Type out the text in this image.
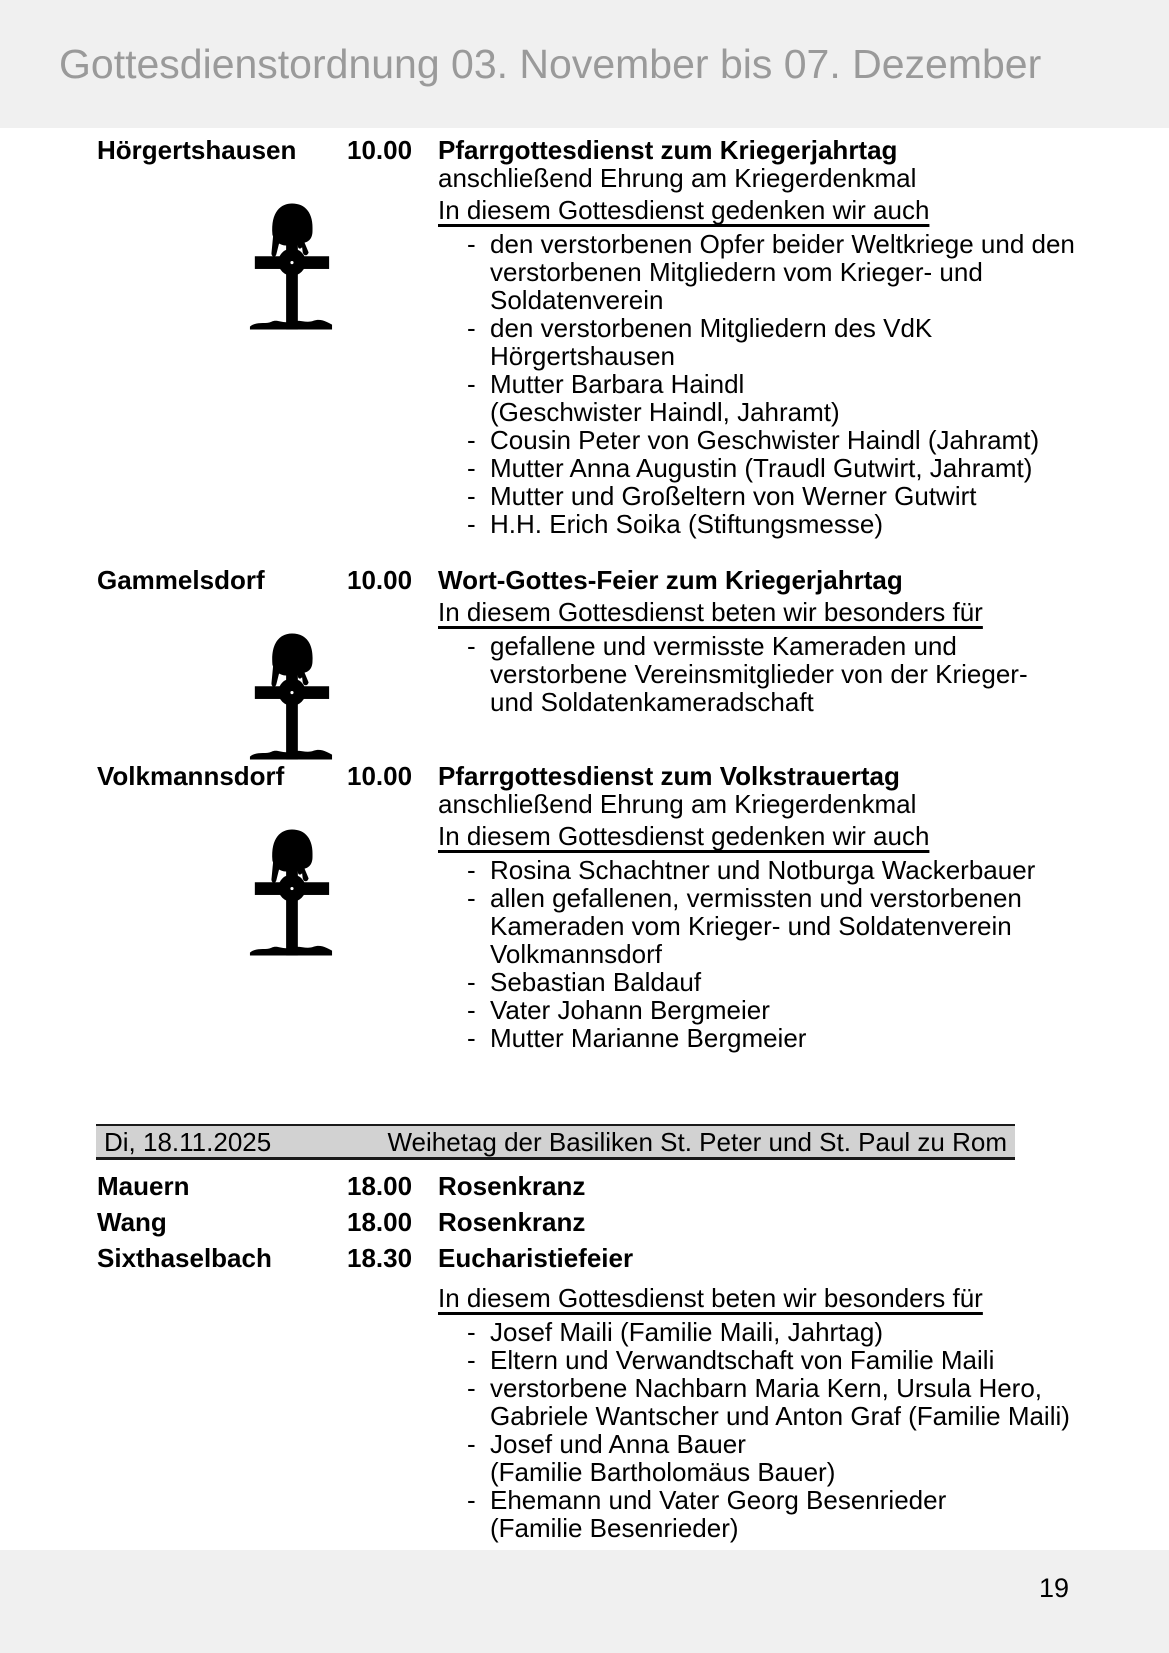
Gottesdienstordnung 03. November bis 07. Dezember
Hörgertshausen	10.00 Pfarrgottesdienst zum Kriegerjahrtag
anschließend Ehrung am Kriegerdenkmal
In diesem Gottesdienst gedenken wir auch
- den verstorbenen Opfer beider Weltkriege und den
verstorbenen Mitgliedern vom Krieger- und
Soldatenverein
- den verstorbenen Mitgliedern des VdK
Hörgertshausen
- Mutter Barbara Haindl
(Geschwister Haindl, Jahramt)
- Cousin Peter von Geschwister Haindl (Jahramt)
- Mutter Anna Augustin (Traudl Gutwirt, Jahramt)
- Mutter und Großeltern von Werner Gutwirt
- H.H. Erich Soika (Stiftungsmesse)
Gammelsdorf	10.00 Wort-Gottes-Feier zum Kriegerjahrtag
In diesem Gottesdienst beten wir besonders für
- gefallene und vermisste Kameraden und
verstorbene Vereinsmitglieder von der Krieger-
und Soldatenkameradschaft
Volkmannsdorf	10.00 Pfarrgottesdienst zum Volkstrauertag
anschließend Ehrung am Kriegerdenkmal
In diesem Gottesdienst gedenken wir auch
- Rosina Schachtner und Notburga Wackerbauer
- allen gefallenen, vermissten und verstorbenen
Kameraden vom Krieger- und Soldatenverein
Volkmannsdorf
- Sebastian Baldauf
- Vater Johann Bergmeier
- Mutter Marianne Bergmeier
Di, 18.11.2025	Weihetag der Basiliken St. Peter und St. Paul zu Rom
Mauern	18.00 Rosenkranz
Wang	18.00 Rosenkranz
Sixthaselbach	18.30 Eucharistiefeier
In diesem Gottesdienst beten wir besonders für
- Josef Maili (Familie Maili, Jahrtag)
- Eltern und Verwandtschaft von Familie Maili
- verstorbene Nachbarn Maria Kern, Ursula Hero,
Gabriele Wantscher und Anton Graf (Familie Maili)
- Josef und Anna Bauer
(Familie Bartholomäus Bauer)
- Ehemann und Vater Georg Besenrieder
(Familie Besenrieder)
19
